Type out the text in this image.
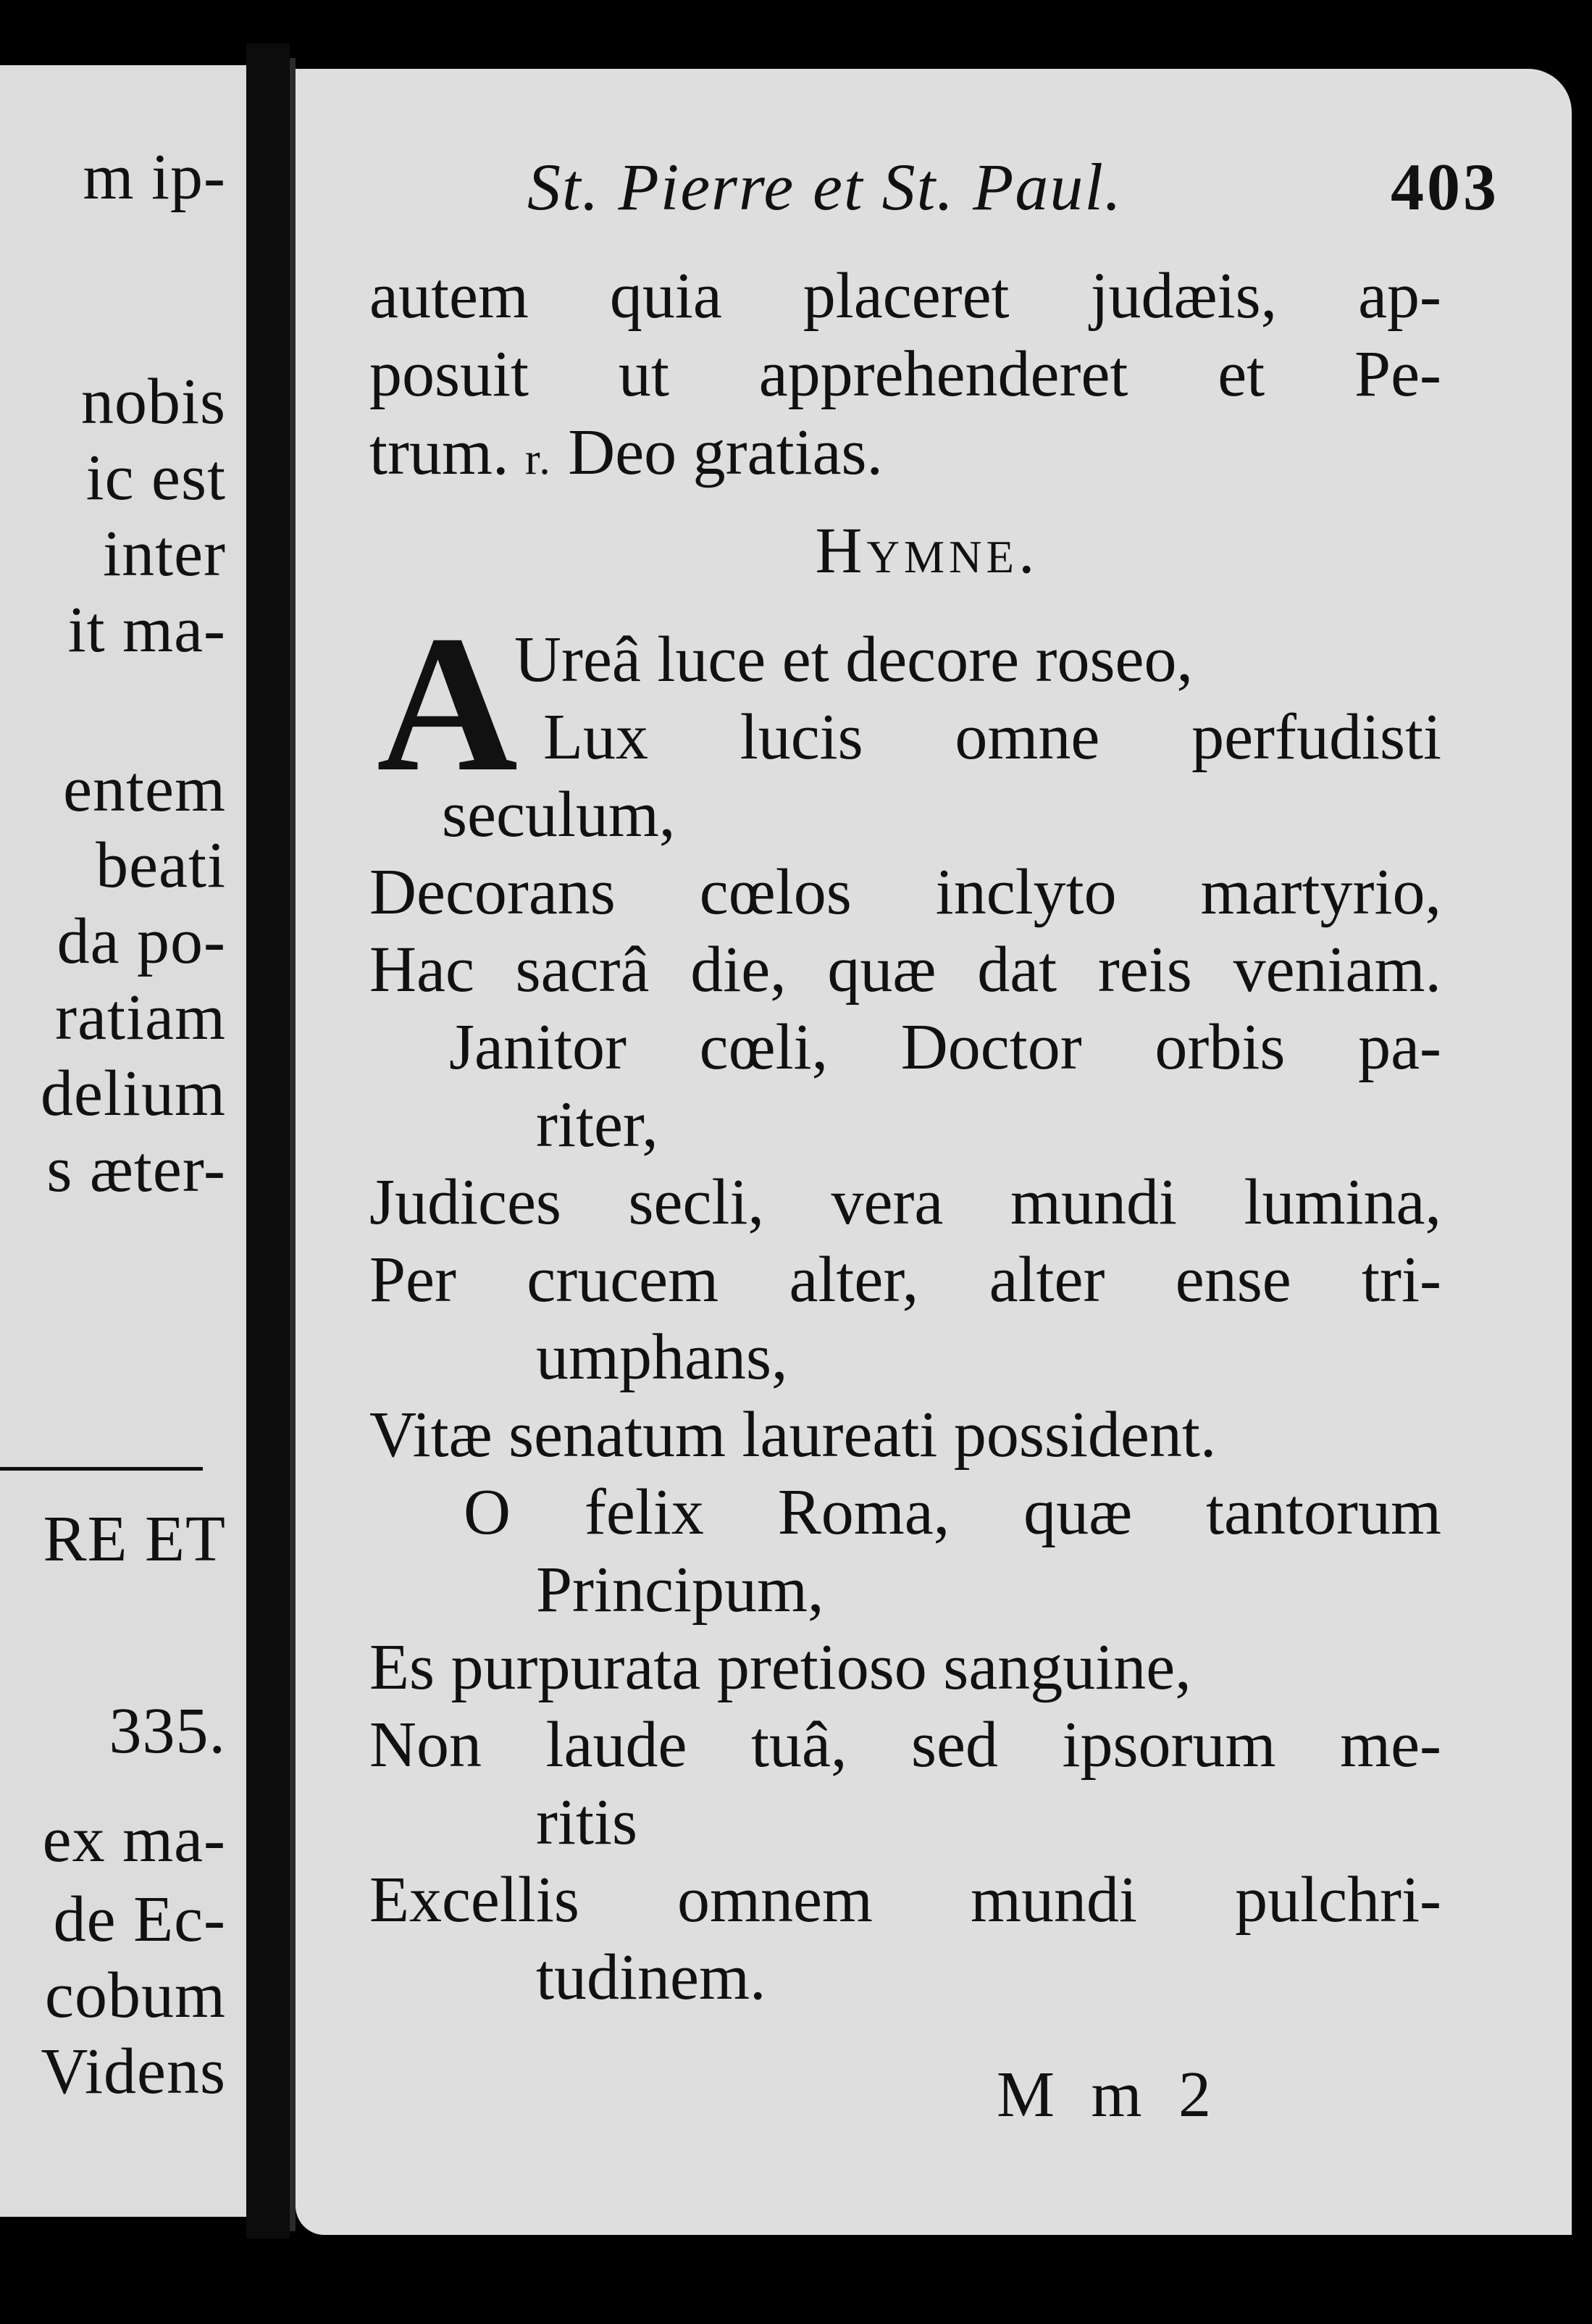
m ip-
nobis
ic est
inter
it ma-
entem
beati
da po-
ratiam
delium
s æter-
RE ET
335.
ex ma-
de Ec-
cobum
Videns
St. Pierre et St. Paul.	403
autem quia placeret judæis, ap-
posuit ut apprehenderet et Pe-
trum. r. Deo gratias.
Hymne.
A
Ureâ luce et decore roseo,
Lux lucis omne perfudisti
seculum,
Decorans cœlos inclyto martyrio,
Hac sacrâ die, quæ dat reis veniam.
Janitor cœli, Doctor orbis pa-
riter,
Judices secli, vera mundi lumina,
Per crucem alter, alter ense tri-
umphans,
Vitæ senatum laureati possident.
O felix Roma, quæ tantorum
Principum,
Es purpurata pretioso sanguine,
Non laude tuâ, sed ipsorum me-
ritis
Excellis omnem mundi pulchri-
tudinem.
M m 2
